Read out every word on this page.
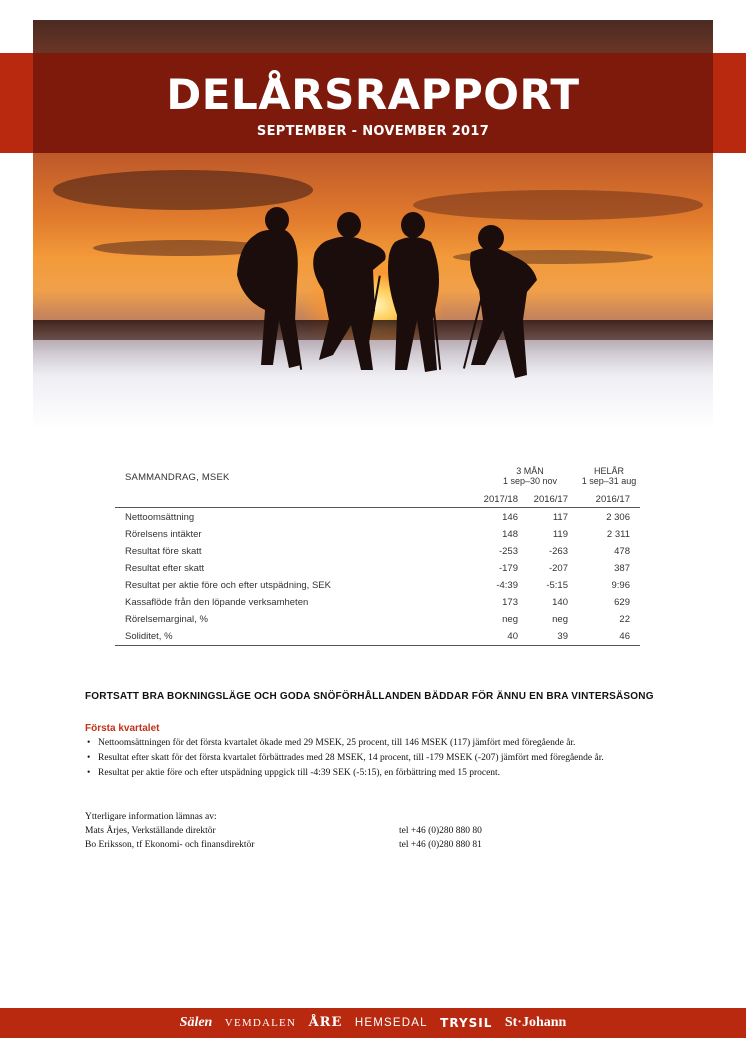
DELÅRSRAPPORT
SEPTEMBER - NOVEMBER 2017
SAMMANDRAG, MSEK
3 MÅN
1 sep–30 nov
HELÅR
1 sep–31 aug
2017/18	2016/17	2016/17
Nettoomsättning	146	117	2 306
Rörelsens intäkter	148	119	2 311
Resultat före skatt	-253	-263	478
Resultat efter skatt	-179	-207	387
Resultat per aktie före och efter utspädning, SEK	-4:39	-5:15	9:96
Kassaflöde från den löpande verksamheten	173	140	629
Rörelsemarginal, %	neg	neg	22
Soliditet, %	40	39	46
FORTSATT BRA BOKNINGSLÄGE OCH GODA SNÖFÖRHÅLLANDEN BÄDDAR FÖR ÄNNU EN BRA VINTERSÄSONG
Första kvartalet
• Nettoomsättningen för det första kvartalet ökade med 29 MSEK, 25 procent, till 146 MSEK (117) jämfört med föregående år.
• Resultat efter skatt för det första kvartalet förbättrades med 28 MSEK, 14 procent, till -179 MSEK (-207) jämfört med föregående år.
• Resultat per aktie före och efter utspädning uppgick till -4:39 SEK (-5:15), en förbättring med 15 procent.
Ytterligare information lämnas av:
Mats Årjes, Verkställande direktör	tel +46 (0)280 880 80
Bo Eriksson, tf Ekonomi- och finansdirektör	tel +46 (0)280 880 81
Sälen VEMDALEN ÅRE HEMSEDAL TRYSIL St·Johann
